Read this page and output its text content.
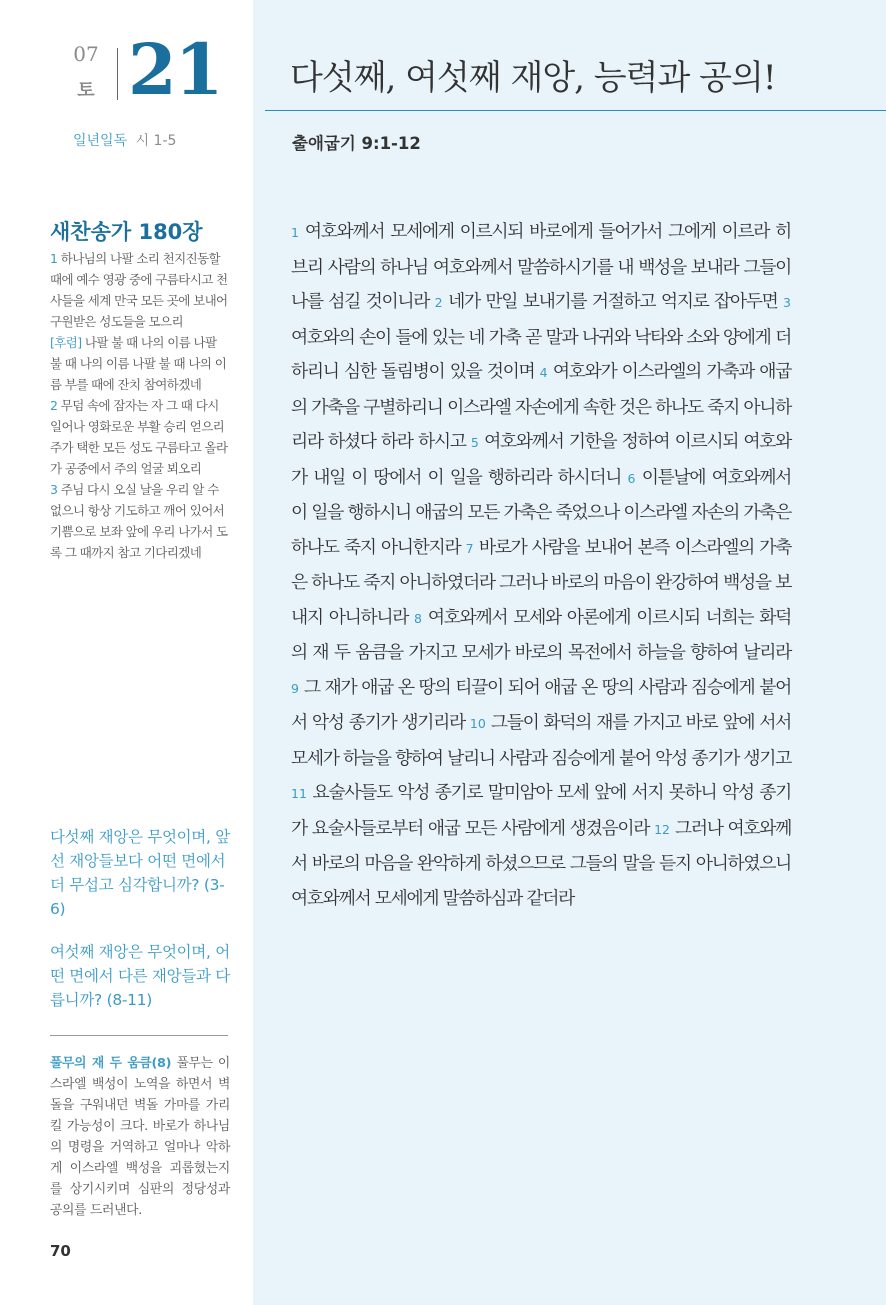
07
토 21
일년일독 시 1-5
새찬송가 180장

1 하나님의 나팔 소리 천지진동할 때에 예수 영광 중에 구름타시고 천사들을 세계 만국 모든 곳에 보내어 구원받은 성도들을 모으리

[후렴] 나팔 불 때 나의 이름 나팔 불 때 나의 이름 나팔 불 때 나의 이름 부를 때에 잔치 참여하겠네

2 무덤 속에 잠자는 자 그 때 다시 일어나 영화로운 부활 승리 얻으리 주가 택한 모든 성도 구름타고 올라가 공중에서 주의 얼굴 뵈오리

3 주님 다시 오실 날을 우리 알 수 없으니 항상 기도하고 깨어 있어서 기쁨으로 보좌 앞에 우리 나가서 도록 그 때까지 참고 기다리겠네

다섯째 재앙은 무엇이며, 앞선 재앙들보다 어떤 면에서 더 무섭고 심각합니까? (3-6)
여섯째 재앙은 무엇이며, 어떤 면에서 다른 재앙들과 다릅니까? (8-11)
풀무의 재 두 움큼(8) 풀무는 이스라엘 백성이 노역을 하면서 벽돌을 구워내던 벽돌 가마를 가리킬 가능성이 크다. 바로가 하나님의 명령을 거역하고 얼마나 악하게 이스라엘 백성을 괴롭혔는지를 상기시키며 심판의 정당성과 공의를 드러낸다.
70
다섯째, 여섯째 재앙, 능력과 공의!
출애굽기 9:1-12

1 여호와께서 모세에게 이르시되 바로에게 들어가서 그에게 이르라 히브리 사람의 하나님 여호와께서 말씀하시기를 내 백성을 보내라 그들이 나를 섬길 것이니라 2 네가 만일 보내기를 거절하고 억지로 잡아두면 3 여호와의 손이 들에 있는 네 가축 곧 말과 나귀와 낙타와 소와 양에게 더하리니 심한 돌림병이 있을 것이며 4 여호와가 이스라엘의 가축과 애굽의 가축을 구별하리니 이스라엘 자손에게 속한 것은 하나도 죽지 아니하리라 하셨다 하라 하시고 5 여호와께서 기한을 정하여 이르시되 여호와가 내일 이 땅에서 이 일을 행하리라 하시더니 6 이튿날에 여호와께서 이 일을 행하시니 애굽의 모든 가축은 죽었으나 이스라엘 자손의 가축은 하나도 죽지 아니한지라 7 바로가 사람을 보내어 본즉 이스라엘의 가축은 하나도 죽지 아니하였더라 그러나 바로의 마음이 완강하여 백성을 보내지 아니하니라 8 여호와께서 모세와 아론에게 이르시되 너희는 화덕의 재 두 움큼을 가지고 모세가 바로의 목전에서 하늘을 향하여 날리라 9 그 재가 애굽 온 땅의 티끌이 되어 애굽 온 땅의 사람과 짐승에게 붙어서 악성 종기가 생기리라 10 그들이 화덕의 재를 가지고 바로 앞에 서서 모세가 하늘을 향하여 날리니 사람과 짐승에게 붙어 악성 종기가 생기고 11 요술사들도 악성 종기로 말미암아 모세 앞에 서지 못하니 악성 종기가 요술사들로부터 애굽 모든 사람에게 생겼음이라 12 그러나 여호와께서 바로의 마음을 완악하게 하셨으므로 그들의 말을 듣지 아니하였으니 여호와께서 모세에게 말씀하심과 같더라
